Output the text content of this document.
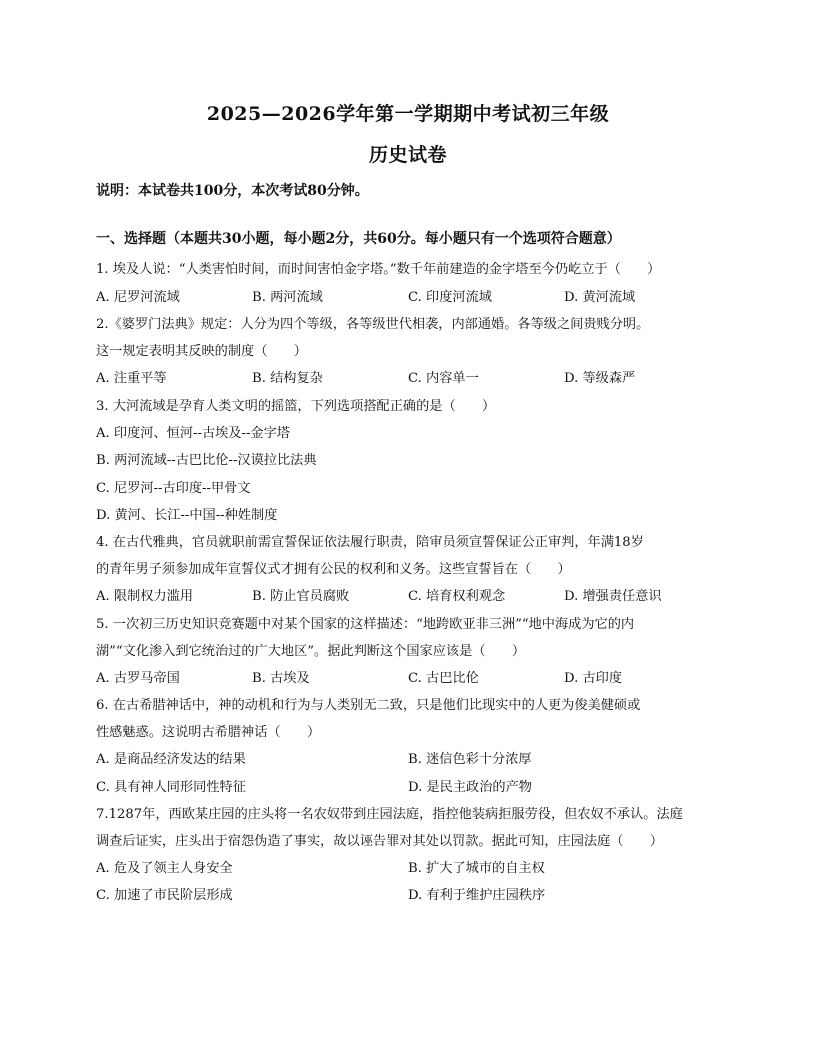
2025—2026学年第一学期期中考试初三年级
历史试卷
说明：本试卷共100分，本次考试80分钟。
一、选择题（本题共30小题，每小题2分，共60分。每小题只有一个选项符合题意）
1. 埃及人说：“人类害怕时间，而时间害怕金字塔。”数千年前建造的金字塔至今仍屹立于（　　）
A. 尼罗河流域	B. 两河流域	C. 印度河流域	D. 黄河流域
2.《婆罗门法典》规定：人分为四个等级，各等级世代相袭，内部通婚。各等级之间贵贱分明。
这一规定表明其反映的制度（　　）
A. 注重平等	B. 结构复杂	C. 内容单一	D. 等级森严
3. 大河流域是孕育人类文明的摇篮，下列选项搭配正确的是（　　）
A. 印度河、恒河--古埃及--金字塔
B. 两河流域--古巴比伦--汉谟拉比法典
C. 尼罗河--古印度--甲骨文
D. 黄河、长江--中国--种姓制度
4. 在古代雅典，官员就职前需宣誓保证依法履行职责，陪审员须宣誓保证公正审判，年满18岁
的青年男子须参加成年宣誓仪式才拥有公民的权利和义务。这些宣誓旨在（　　）
A. 限制权力滥用	B. 防止官员腐败	C. 培育权利观念	D. 增强责任意识
5. 一次初三历史知识竞赛题中对某个国家的这样描述：“地跨欧亚非三洲”“地中海成为它的内
湖”“文化渗入到它统治过的广大地区”。据此判断这个国家应该是（　　）
A. 古罗马帝国	B. 古埃及	C. 古巴比伦	D. 古印度
6. 在古希腊神话中，神的动机和行为与人类别无二致，只是他们比现实中的人更为俊美健硕或
性感魅惑。这说明古希腊神话（　　）
A. 是商品经济发达的结果	B. 迷信色彩十分浓厚
C. 具有神人同形同性特征	D. 是民主政治的产物
7.1287年，西欧某庄园的庄头将一名农奴带到庄园法庭，指控他装病拒服劳役，但农奴不承认。法庭
调查后证实，庄头出于宿怨伪造了事实，故以诬告罪对其处以罚款。据此可知，庄园法庭（　　）
A. 危及了领主人身安全	B. 扩大了城市的自主权
C. 加速了市民阶层形成	D. 有利于维护庄园秩序
